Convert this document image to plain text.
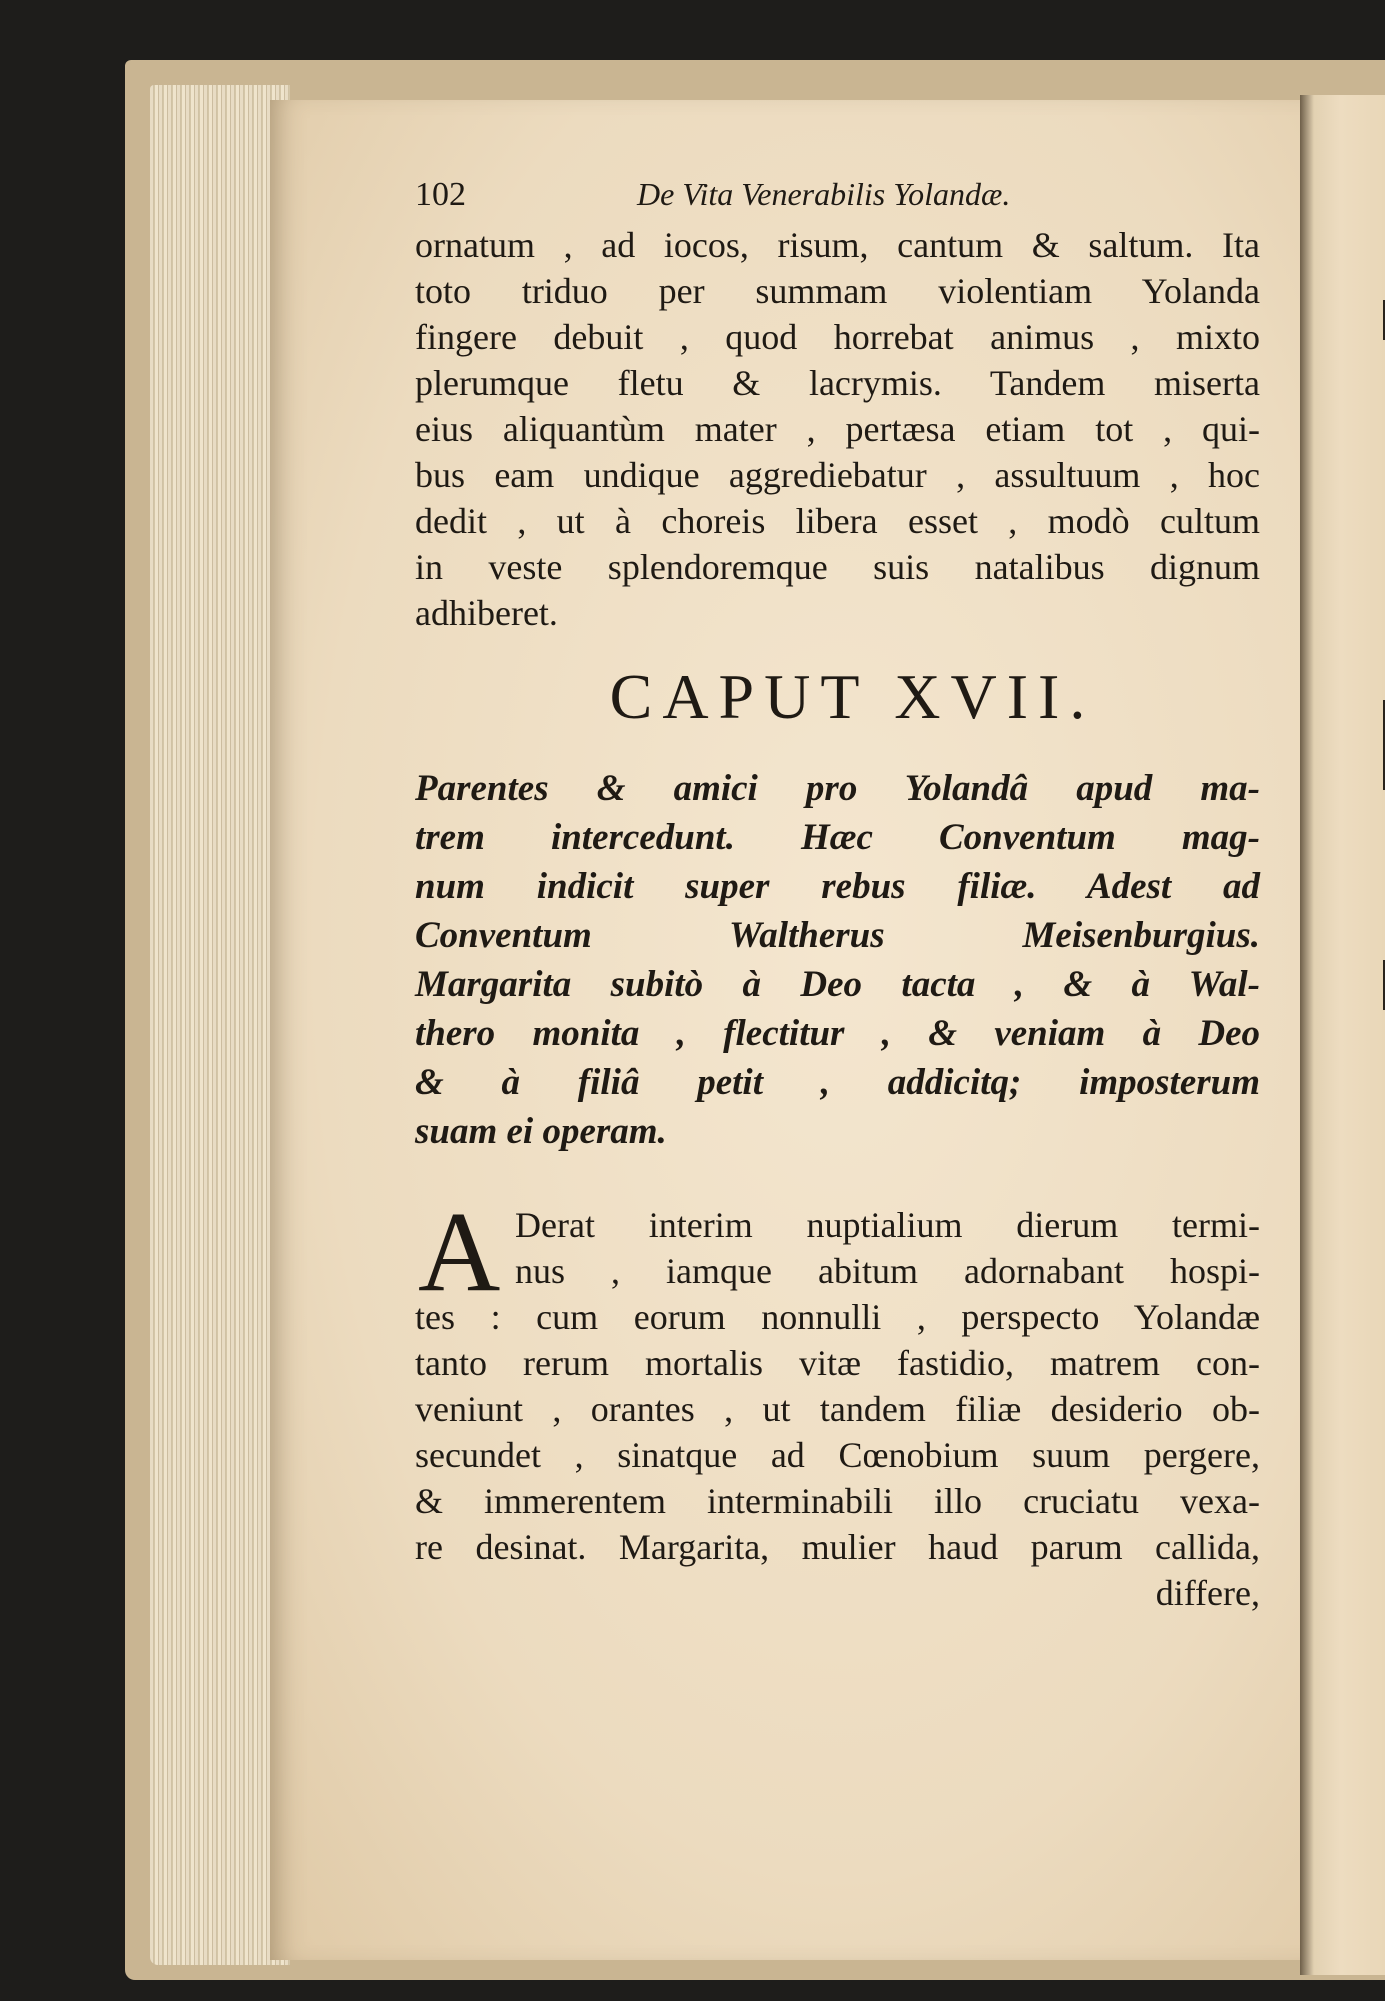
102	De Vita Venerabilis Yolandæ.
ornatum , ad iocos, risum, cantum & saltum. Ita
toto triduo per summam violentiam Yolanda
fingere debuit , quod horrebat animus , mixto
plerumque fletu & lacrymis. Tandem miserta
eius aliquantùm mater , pertæsa etiam tot , qui-
bus eam undique aggrediebatur , assultuum , hoc
dedit , ut à choreis libera esset , modò cultum
in veste splendoremque suis natalibus dignum
adhiberet.
CAPUT XVII.
Parentes & amici pro Yolandâ apud ma-
trem intercedunt. Hæc Conventum mag-
num indicit super rebus filiæ. Adest ad
Conventum Waltherus Meisenburgius.
Margarita subitò à Deo tacta , & à Wal-
thero monita , flectitur , & veniam à Deo
& à filiâ petit , addicitq; imposterum
suam ei operam.
A Derat interim nuptialium dierum termi-
nus , iamque abitum adornabant hospi-
tes : cum eorum nonnulli , perspecto Yolandæ
tanto rerum mortalis vitæ fastidio, matrem con-
veniunt , orantes , ut tandem filiæ desiderio ob-
secundet , sinatque ad Cœnobium suum pergere,
& immerentem interminabili illo cruciatu vexa-
re desinat. Margarita, mulier haud parum callida,
differe,
